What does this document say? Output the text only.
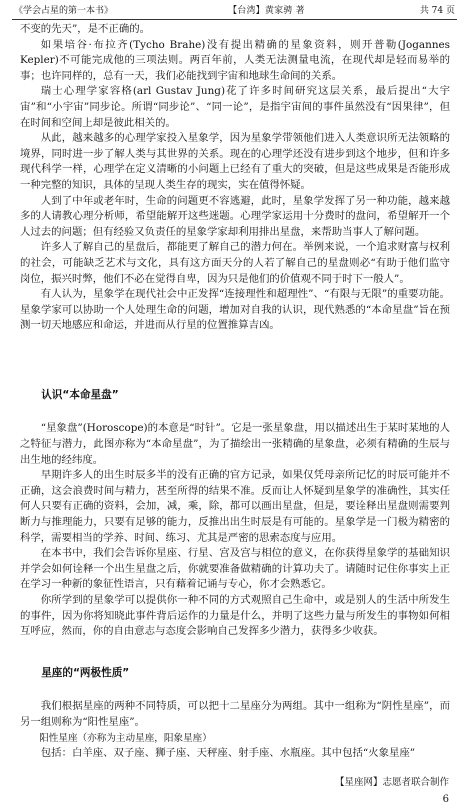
《学会占星的第一本书》	【台湾】黄家骋 著	共 74 页

不变的先天”，是不正确的。

如果培谷·布拉齐(Tycho Brahe)没有提出精确的星象资料，则开普勒(Jogannes Kepler)不可能完成他的三项法则。两百年前，人类无法测量电流，在现代却是轻而易举的事；也许同样的，总有一天，我们必能找到宇宙和地球生命间的关系。

瑞士心理学家容格(arl Gustav Jung)花了许多时间研究这层关系，最后提出“大宇宙”和“小宇宙”同步论。所谓“同步论”、“同一论”，是指宇宙间的事件虽然没有“因果律”，但在时间和空间上却是彼此相关的。

从此，越来越多的心理学家投入星象学，因为星象学带领他们进入人类意识所无法领略的境界，同时进一步了解人类与其世界的关系。现在的心理学还没有进步到这个地步，但和许多现代科学一样，心理学在定义清晰的小问题上已经有了重大的突破，但是这些成果是否能形成一种完整的知识，具体的呈现人类生存的现实，实在值得怀疑。

人到了中年或老年时，生命的问题更不容逃避，此时，星象学发挥了另一种功能，越来越多的人请教心理分析师，希望能解开这些迷题。心理学家运用十分费时的盘问，希望解开一个人过去的问题；但有经验又负责任的星象学家却利用排出星盘，来帮助当事人了解问题。

许多人了解自己的星盘后，都能更了解自己的潜力何在。举例来说，一个追求财富与权利的社会，可能缺乏艺术与文化，具有这方面天分的人若了解自己的星盘则必“有助于他们监守岗位，振兴时弊，他们不必在觉得自卑，因为只是他们的价值观不同于时下一般人”。

有人认为，星象学在现代社会中正发挥“连接理性和超理性”、“有限与无限”的重要功能。星象学家可以协助一个人处理生命的问题，增加对自我的认识，现代熟悉的“本命星盘”旨在预测一切天地感应和命运，并进而从行星的位置推算吉凶。

认识“本命星盘”

“星象盘”(Horoscope)的本意是“时针”。它是一张星象盘，用以描述出生于某时某地的人之特征与潜力，此图亦称为“本命星盘”，为了描绘出一张精确的星象盘，必须有精确的生辰与出生地的经纬度。

早期许多人的出生时辰多半的没有正确的官方记录，如果仅凭母亲所记忆的时辰可能并不正确，这会浪费时间与精力，甚至所得的结果不准。反而让人怀疑到星象学的准确性，其实任何人只要有正确的资料，会加，减，乘，除，都可以画出星盘，但是，要诠释出星盘则需要判断力与推理能力，只要有足够的能力，反推出出生时辰是有可能的。星象学是一门极为精密的科学，需要相当的学养、时间、练习、尤其是严密的思索态度与应用。

在本书中，我们会告诉你星座、行星、宫及宫与相位的意义，在你获得星象学的基础知识并学会如何诠释一个出生星盘之后，你就要准备做精确的计算功夫了。请随时记住你事实上正在学习一种新的象征性语言，只有藉着记诵与专心，你才会熟悉它。

你所学到的星象学可以提供你一种不同的方式观照自己生命中，或是别人的生活中所发生的事件，因为你将知晓此事件背后运作的力量是什么，并明了这些力量与所发生的事物如何相互呼应，然而，你的自由意志与态度会影响自己发挥多少潜力，获得多少收获。

星座的“两极性质”

我们根据星座的两种不同特质，可以把十二星座分为两组。其中一组称为“阴性星座”，而另一组则称为“阳性星座”。

阳性星座（亦称为主动星座，阳象星座）

包括：白羊座、双子座、狮子座、天秤座、射手座、水瓶座。其中包括“火象星座”

【星座网】志愿者联合制作
6
